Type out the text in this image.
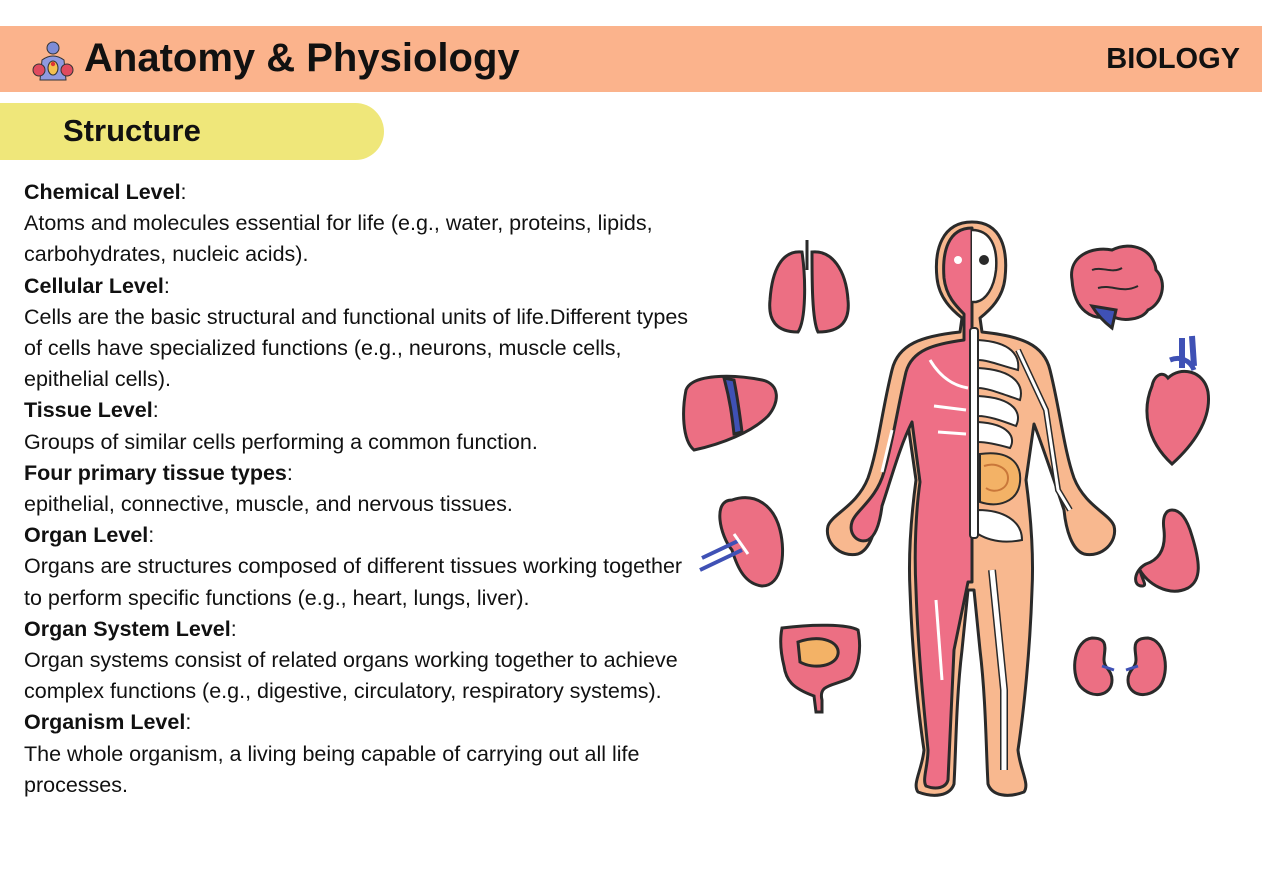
Anatomy & Physiology	BIOLOGY
Structure

Chemical Level:

Atoms and molecules essential for life (e.g., water, proteins, lipids, carbohydrates, nucleic acids).

Cellular Level:

Cells are the basic structural and functional units of life.Different types of cells have specialized functions (e.g., neurons, muscle cells, epithelial cells).

Tissue Level:

Groups of similar cells performing a common function.

Four primary tissue types:

epithelial, connective, muscle, and nervous tissues.

Organ Level:

Organs are structures composed of different tissues working together to perform specific functions (e.g., heart, lungs, liver).

Organ System Level:

Organ systems consist of related organs working together to achieve complex functions (e.g., digestive, circulatory, respiratory systems).

Organism Level:

The whole organism, a living being capable of carrying out all life processes.
